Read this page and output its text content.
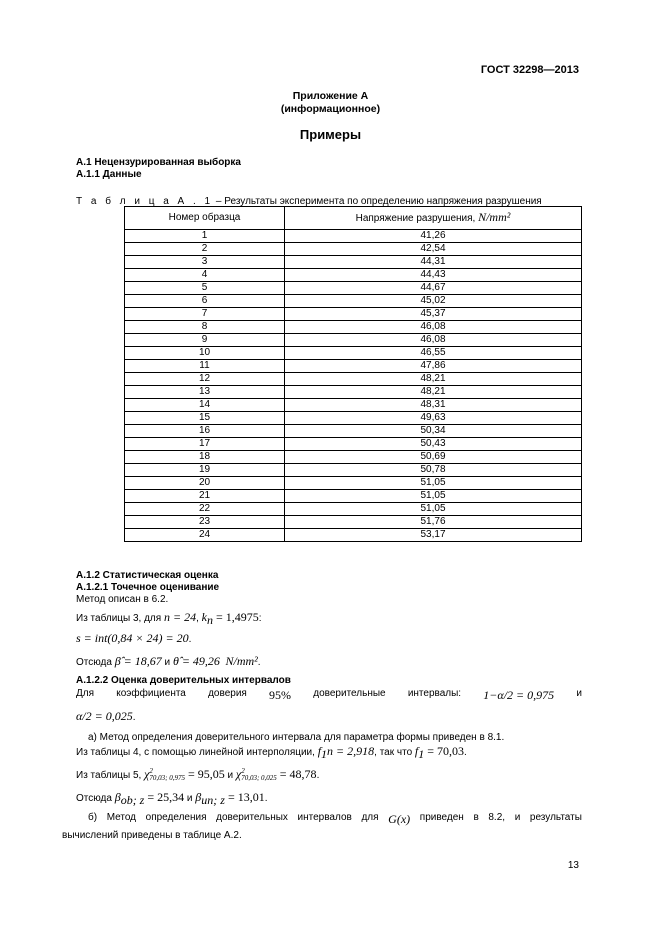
ГОСТ 32298—2013
Приложение А
(информационное)
Примеры
А.1 Нецензурированная выборка
А.1.1 Данные
Т а б л и ц а А . 1 – Результаты эксперимента по определению напряжения разрушения
Номер образца	Напряжение разрушения, N/mm²
1	41,26
2	42,54
3	44,31
4	44,43
5	44,67
6	45,02
7	45,37
8	46,08
9	46,08
10	46,55
11	47,86
12	48,21
13	48,21
14	48,31
15	49,63
16	50,34
17	50,43
18	50,69
19	50,78
20	51,05
21	51,05
22	51,05
23	51,76
24	53,17
А.1.2 Статистическая оценка
А.1.2.1 Точечное оценивание
Метод описан в 6.2.
Из таблицы 3, для n = 24, $k_n = 1,4975$:
s = int(0,84 × 24) = 20.
Отсюда β̂ = 18,67 и θ̂ = 49,26 N/mm².
А.1.2.2 Оценка доверительных интервалов
Для коэффициента доверия 95% доверительные интервалы: 1−α/2 = 0,975 и
α/2 = 0,025.
а) Метод определения доверительного интервала для параметра формы приведен в 8.1.
Из таблицы 4, с помощью линейной интерполяции, $f_1n = 2,918$, так что $f_1 = 70,03$.
Из таблицы 5, χ 2
70,03; 0,975 = 95,05 и χ 2
70,03; 0,025 = 48,78.
Отсюда $\beta_{ob; z} = 25,34$ и $\beta_{un; z} = 13,01$.
б) Метод определения доверительных интервалов для G(x) приведен в 8.2, и результаты
вычислений приведены в таблице А.2.
13
